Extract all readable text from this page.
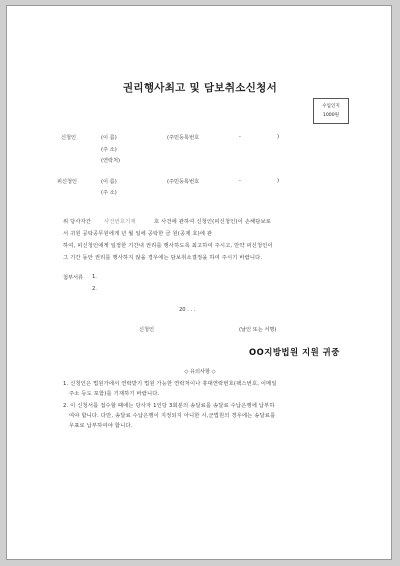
권리행사최고 및 담보취소신청서
수입인지
1000원
신청인	(이 름)	(주민등록번호	-	)
(주 소)
(연락처)
피신청인	(이 름)	(주민등록번호	-	)
(주 소)
위 당사자간 사건번호기재	호 사건에 관하여 신청인(피신청인)이 손해담보로
서 귀원 공탁공무원에게 년 월 일에 공탁한 금 원(공제 호)에 관
하여, 피신청인에게 일정한 기간내 권리를 행사하도록 최고하여 주시고, 만약 피신청인이
그 기간 동안 권리를 행사하지 않을 경우에는 담보취소결정을 하여 주시기 바랍니다.
첨부서류 1.
2.
20 . . .
신청인	(날인 또는 서명)
OO지방법원 지원 귀중
◇ 유의사항 ◇
1. 신청인은 법원가에서 연락받기 법원 가능한 연락처이나 휴대연락번호(팩스번호, 이메일
주소 등도 포함)를 기재하기 바랍니다.
2. 이 신청서를 접수할 때에는 당사자 1인당 3회분의 송달료를 송달료 수납은행에 납부하
여야 합니다. 다만, 송달료 수납은행이 지정되지 아니한 시,군법원의 경우에는 송달료를
우표로 납부하여야 합니다.
